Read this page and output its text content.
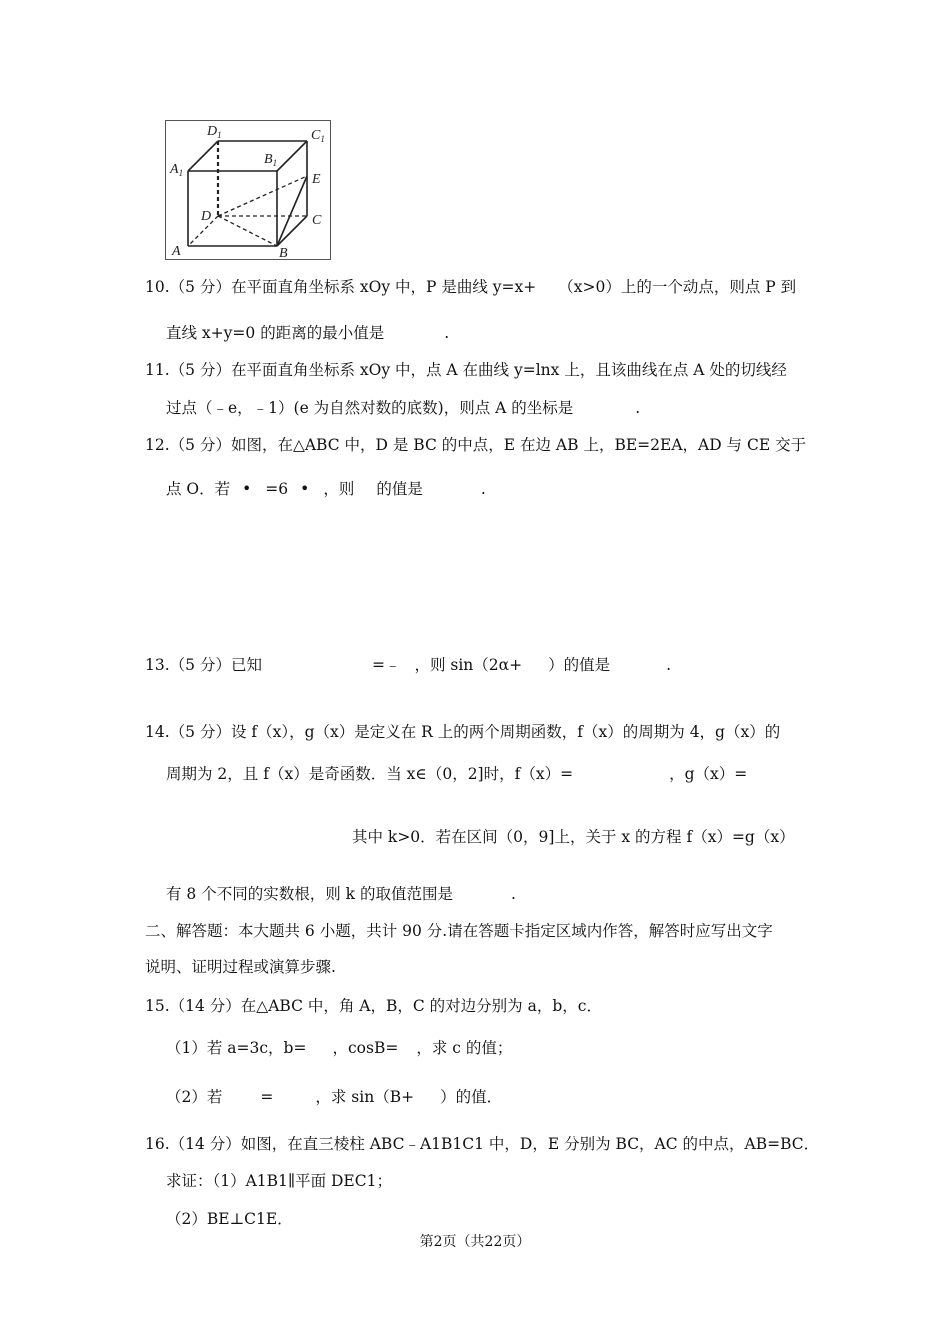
$D_1$	$C_1$
$A_1$
$B_1$
E
D	C
A	B
10.（5 分）在平面直角坐标系 xOy 中，P 是曲线 y=x+ （x>0）上的一个动点，则点 P 到
直线 x+y=0 的距离的最小值是	.
11.（5 分）在平面直角坐标系 xOy 中，点 A 在曲线 y=lnx 上，且该曲线在点 A 处的切线经
过点（﹣e，﹣1）(e 为自然对数的底数)，则点 A 的坐标是	.
12.（5 分）如图，在△ABC 中，D 是 BC 的中点，E 在边 AB 上，BE=2EA，AD 与 CE 交于
点 O．若 • =6 • ，则 的值是	.
13.（5 分）已知	=﹣ ，则 sin（2α+ ）的值是	.
14.（5 分）设 f（x），g（x）是定义在 R 上的两个周期函数，f（x）的周期为 4，g（x）的
周期为 2，且 f（x）是奇函数．当 x∈（0，2]时，f（x）=	，g（x）=
其中 k>0．若在区间（0，9]上，关于 x 的方程 f（x）=g（x）
有 8 个不同的实数根，则 k 的取值范围是	.
二、解答题：本大题共 6 小题，共计 90 分.请在答题卡指定区域内作答，解答时应写出文字
说明、证明过程或演算步骤.
15.（14 分）在△ABC 中，角 A，B，C 的对边分别为 a，b，c．
（1）若 a=3c，b= ，cosB= ，求 c 的值；
（2）若 =	，求 sin（B+ ）的值．
16.（14 分）如图，在直三棱柱 ABC﹣A1B1C1 中，D，E 分别为 BC，AC 的中点，AB=BC．
求证：（1）A1B1∥平面 DEC1；
（2）BE⊥C1E．
第2页（共22页）
